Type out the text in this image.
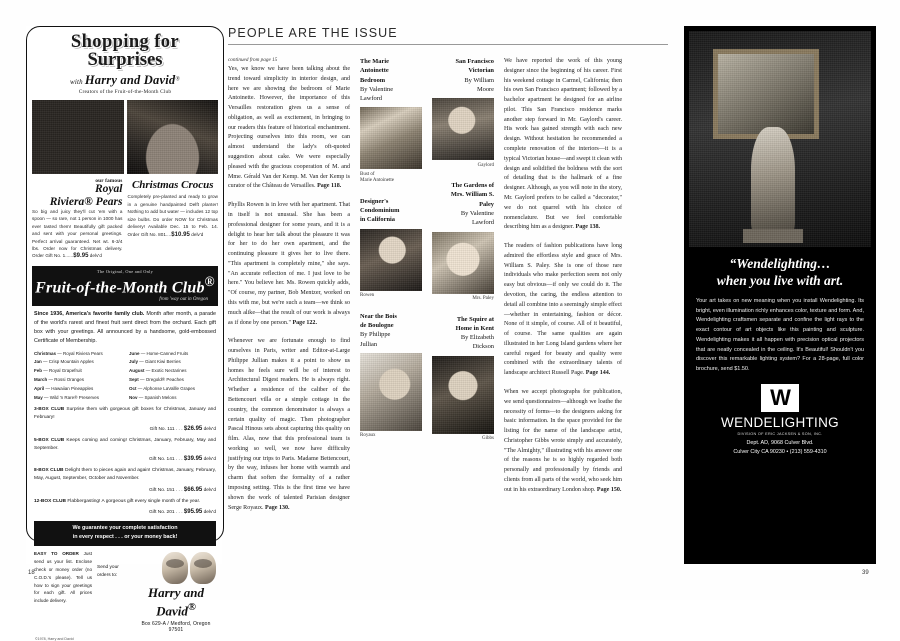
Shopping for
Surprises
with Harry and David®
Creators of the Fruit-of-the-Month Club
our famous
Royal
Riviera® Pears
So big and juicy they'll cut 'em with a spoon — so rare, not 1 person in 1000 has ever tasted them! Beautifully gift packed and sent with your personal greetings. Perfect arrival guaranteed. Net wt. 6-3/4 lbs. Order now for Christmas delivery. Order Gift No. 1......$9.95 delv'd
Christmas Crocus
Completely pre-planted and ready to grow in a genuine handpainted Delft planter! Nothing to add but water — includes 12 top size bulbs. Do order NOW for Christmas delivery! Available Dec. 15 to Feb. 14. Order Gift No. 801....$10.95 delv'd
The Original, One and Only
Fruit-of-the-Month Club®
from 'way out in Oregon
Since 1936, America's favorite family club. Month after month, a parade of the world's rarest and finest fruit sent direct from the orchard. Each gift box with your greetings. All announced by a handsome, gold-embossed Certificate of Membership.
Christmas — Royal Riviera Pears
Jan — Crisp Mountain Apples
Feb — Royal Grapefruit
March — Rossi Oranges
April — Hawaiian Pineapples
May — Wild 'n Rare® Preserves
June — Home-Canned Fruits
July — Giant Kiwi Berries
August — Exotic Nectarines
Sept — Oregold® Peaches
Oct — Alphonse LaVallle Grapes
Nov — Spanish Melons
3-BOX CLUB Surprise them with gorgeous gift boxes for Christmas, January and February!
Gift No. 111 . . . $26.95 delv'd
5-BOX CLUB Keeps coming and coming! Christmas, January, February, May and September.
Gift No. 141 . . . $39.95 delv'd
8-BOX CLUB Delight them to pieces again and again! Christmas, January, February, May, August, September, October and November.
Gift No. 151 . . . $66.95 delv'd
12-BOX CLUB Flabbergasting! A gorgeous gift every single month of the year.
Gift No. 201 . . . $95.95 delv'd
We guarantee your complete satisfaction
in every respect . . . or your money back!
EASY TO ORDER Just send us your list. Enclose check or money order (no C.O.D.'s please). Tell us how to sign your greetings for each gift. All prices include delivery.
Send your
orders to:
Harry and David®
Box 629-A / Medford, Oregon 97501
©1978, Harry and David
PEOPLE ARE THE ISSUE
continued from page 15
Yes, we know we have been talking about the trend toward simplicity in interior design, and here we are showing the bedroom of Marie Antoinette. However, the importance of this Versailles restoration gives us a sense of obligation, as well as excitement, in bringing to our readers this feature of historical enchantment. Projecting ourselves into this room, we can almost understand the lady's oft-quoted suggestion about cake. We were especially pleased with the gracious cooperation of M. and Mme. Gérald Van der Kemp. M. Van der Kemp is curator of the Château de Versailles. Page 118.
Phyllis Rowen is in love with her apartment. That in itself is not unusual. She has been a professional designer for some years, and it is a delight to hear her talk about the pleasure it was for her to do her own apartment, and the continuing pleasure it gives her to live there. "This apartment is completely mine," she says. "An accurate reflection of me. I just love to be here." You believe her. Ms. Rowen quickly adds, "Of course, my partner, Bob Mentzer, worked on this with me, but we're such a team—we think so much alike—that the result of our work is always as if done by one person." Page 122.
Whenever we are fortunate enough to find ourselves in Paris, writer and Editor-at-Large Philippe Jullian makes it a point to show us homes he feels sure will be of interest to Architectural Digest readers. He is always right. Whether a residence of the caliber of the Bettencourt villa or a simple cottage in the country, the common denominator is always a certain quality of magic. Then photographer Pascal Hinous sets about capturing this quality on film. Alas, now that this professional team is working so well, we now have difficulty justifying our trips to Paris. Madame Bettencourt, by the way, infuses her home with warmth and charm that soften the formality of a rather imposing setting. This is the first time we have shown the work of talented Parisian designer Serge Royaux. Page 130.
The Marie
Antoinette
Bedroom
By Valentine
Lawford
Bust of
Marie Antoinette
Designer's
Condominium
in California
Rowen
Near the Bois
de Boulogne
By Philippe
Jullian
Royaux
San Francisco
Victorian
By William
Moore
Gaylord
The Gardens of
Mrs. William S.
Paley
By Valentine
Lawford
Mrs. Paley
The Squire at
Home in Kent
By Elizabeth
Dickson
Gibbs
We have reported the work of this young designer since the beginning of his career. First his weekend cottage in Carmel, California; then his own San Francisco apartment; followed by a bachelor apartment he designed for an airline pilot. This San Francisco residence marks another step forward in Mr. Gaylord's career. His work has gained strength with each new design. Without hesitation he recommended a complete renovation of the interiors—it is a typical Victorian house—and swept it clean with design and solidified the boldness with the sort of detailing that is the hallmark of a fine designer. Although, as you will note in the story, Mr. Gaylord prefers to be called a "decorator," we do not quarrel with his choice of nomenclature. But we feel comfortable describing him as a designer. Page 138.
The readers of fashion publications have long admired the effortless style and grace of Mrs. William S. Paley. She is one of those rare individuals who make perfection seem not only easy but obvious—if only we could do it. The devotion, the caring, the endless attention to detail all combine into a seemingly simple effect—whether in entertaining, fashion or décor. None of it simple, of course. All of it beautiful, of course. The same qualities are again illustrated in her Long Island gardens where her careful regard for beauty and quality were combined with the extraordinary talents of landscape architect Russell Page. Page 144.
When we accept photographs for publication, we send questionnaires—although we loathe the necessity of forms—to the designers asking for basic information. In the space provided for the listing for the name of the landscape artist, Christopher Gibbs wrote simply and accurately, "The Almighty," illustrating with his answer one of the reasons he is so highly regarded both personally and professionally by friends and clients from all parts of the world, who seek him out in his extraordinary London shop. Page 150.
“Wendelighting…
when you live with art.
Your art takes on new meaning when you install Wendelighting. Its bright, even illumination richly enhances color, texture and form. And, Wendelighting craftsmen separate and confine the light rays to the exact contour of art objects like this painting and sculpture. Wendelighting makes it all happen with precision optical projectors that are neatly concealed in the ceiling. It's Beautiful! Shouldn't you discover this remarkable lighting system? For a 28-page, full color brochure, send $1.50.
W
WENDELIGHTING
DIVISION OF ERIC JACKSEN & SON, INC.
Dept. AD, 9068 Culver Blvd.
Culver City CA 90230 • (213) 559-4310
18	39
